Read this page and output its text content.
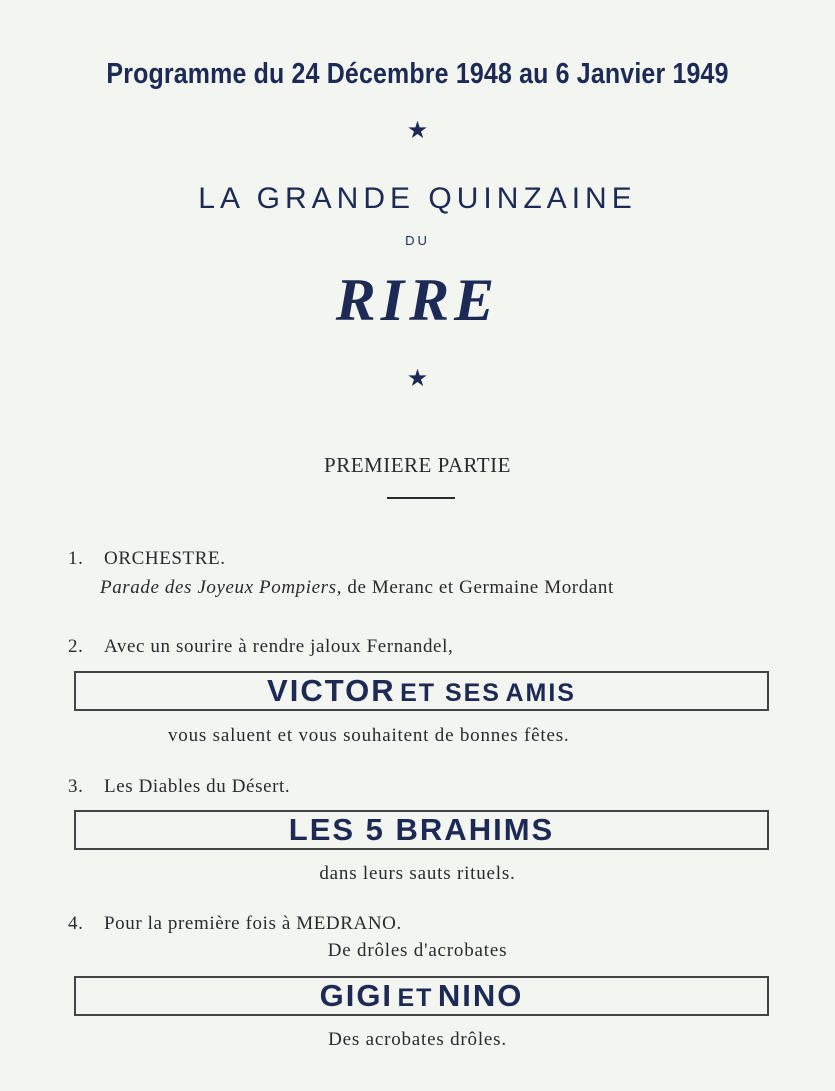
Programme du 24 Décembre 1948 au 6 Janvier 1949
★
LA GRANDE QUINZAINE
DU
RIRE
★
PREMIERE PARTIE
1. ORCHESTRE.
Parade des Joyeux Pompiers, de Meranc et Germaine Mordant
2. Avec un sourire à rendre jaloux Fernandel,
VICTOR ET SES AMIS
vous saluent et vous souhaitent de bonnes fêtes.
3. Les Diables du Désert.
LES 5 BRAHIMS
dans leurs sauts rituels.
4. Pour la première fois à MEDRANO.
De drôles d'acrobates
GIGI ET NINO
Des acrobates drôles.
